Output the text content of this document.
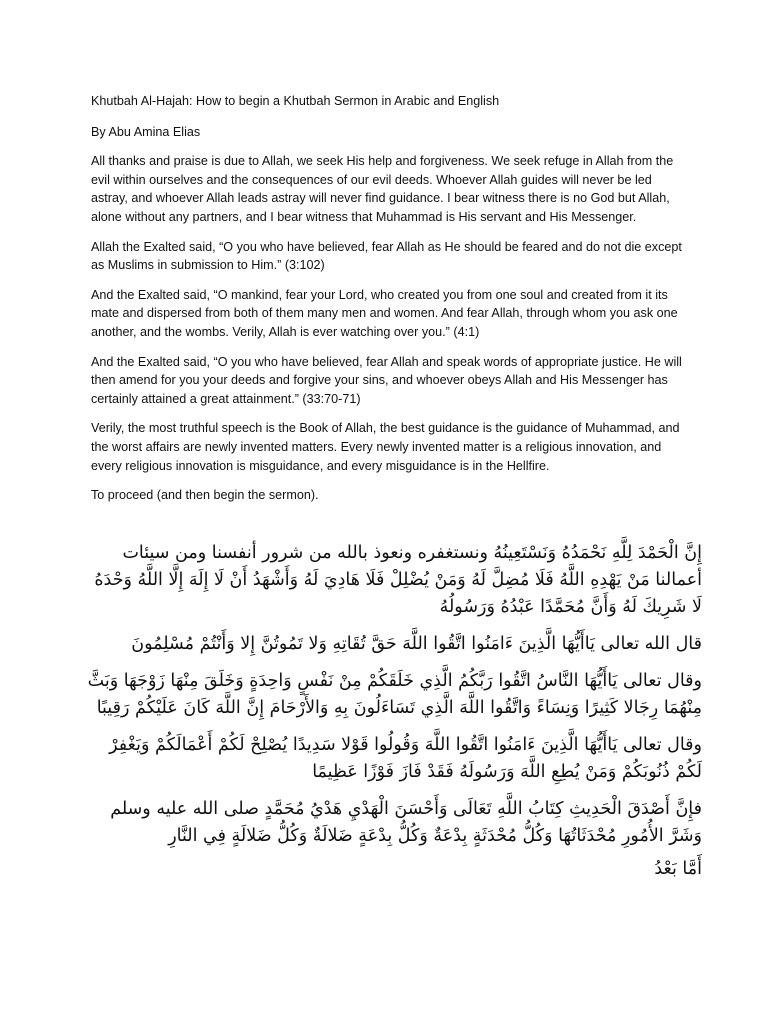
Khutbah Al-Hajah: How to begin a Khutbah Sermon in Arabic and English

By Abu Amina Elias

All thanks and praise is due to Allah, we seek His help and forgiveness. We seek refuge in Allah from the evil within ourselves and the consequences of our evil deeds. Whoever Allah guides will never be led astray, and whoever Allah leads astray will never find guidance. I bear witness there is no God but Allah, alone without any partners, and I bear witness that Muhammad is His servant and His Messenger.

Allah the Exalted said, “O you who have believed, fear Allah as He should be feared and do not die except as Muslims in submission to Him.” (3:102)

And the Exalted said, “O mankind, fear your Lord, who created you from one soul and created from it its mate and dispersed from both of them many men and women. And fear Allah, through whom you ask one another, and the wombs. Verily, Allah is ever watching over you.” (4:1)

And the Exalted said, “O you who have believed, fear Allah and speak words of appropriate justice. He will then amend for you your deeds and forgive your sins, and whoever obeys Allah and His Messenger has certainly attained a great attainment.” (33:70-71)

Verily, the most truthful speech is the Book of Allah, the best guidance is the guidance of Muhammad, and the worst affairs are newly invented matters. Every newly invented matter is a religious innovation, and every religious innovation is misguidance, and every misguidance is in the Hellfire.

To proceed (and then begin the sermon).

إِنَّ الْحَمْدَ لِلَّهِ نَحْمَدُهُ وَنَسْتَعِينُهُ ونستغفره ونعوذ بالله من شرور أنفسنا ومن سيئات أعمالنا مَنْ يَهْدِهِ اللَّهُ فَلَا مُضِلَّ لَهُ وَمَنْ يُضْلِلْ فَلَا هَادِيَ لَهُ وَأَشْهَدُ أَنْ لَا إِلَهَ إِلَّا اللَّهُ وَحْدَهُ لَا شَرِيكَ لَهُ وَأَنَّ مُحَمَّدًا عَبْدُهُ وَرَسُولُهُ

قال الله تعالى يَاأَيُّهَا الَّذِينَ ءَامَنُوا اتَّقُوا اللَّهَ حَقَّ تُقَاتِهِ وَلا تَمُوتُنَّ إِلا وَأَنْتُمْ مُسْلِمُونَ

وقال تعالى يَاأَيُّهَا النَّاسُ اتَّقُوا رَبَّكُمُ الَّذِي خَلَقَكُمْ مِنْ نَفْسٍ وَاحِدَةٍ وَخَلَقَ مِنْهَا زَوْجَهَا وَبَثَّ مِنْهُمَا رِجَالا كَثِيرًا وَنِسَاءً وَاتَّقُوا اللَّهَ الَّذِي تَسَاءَلُونَ بِهِ وَالأَرْحَامَ إِنَّ اللَّهَ كَانَ عَلَيْكُمْ رَقِيبًا

وقال تعالى يَاأَيُّهَا الَّذِينَ ءَامَنُوا اتَّقُوا اللَّهَ وَقُولُوا قَوْلا سَدِيدًا يُصْلِحْ لَكُمْ أَعْمَالَكُمْ وَيَغْفِرْ لَكُمْ ذُنُوبَكُمْ وَمَنْ يُطِعِ اللَّهَ وَرَسُولَهُ فَقَدْ فَازَ فَوْزًا عَظِيمًا

فإِنَّ أَصْدَقَ الْحَدِيثِ كِتَابُ اللَّهِ تَعَالَى وَأَحْسَنَ الْهَدْيِ هَدْيُ مُحَمَّدٍ صلى الله عليه وسلم وَشَرَّ الأُمُورِ مُحْدَثَاتُهَا وَكُلُّ مُحْدَثَةٍ بِدْعَةٌ وَكُلُّ بِدْعَةٍ ضَلالَةٌ وَكُلُّ ضَلالَةٍ فِي النَّارِ

أَمَّا بَعْدُ
